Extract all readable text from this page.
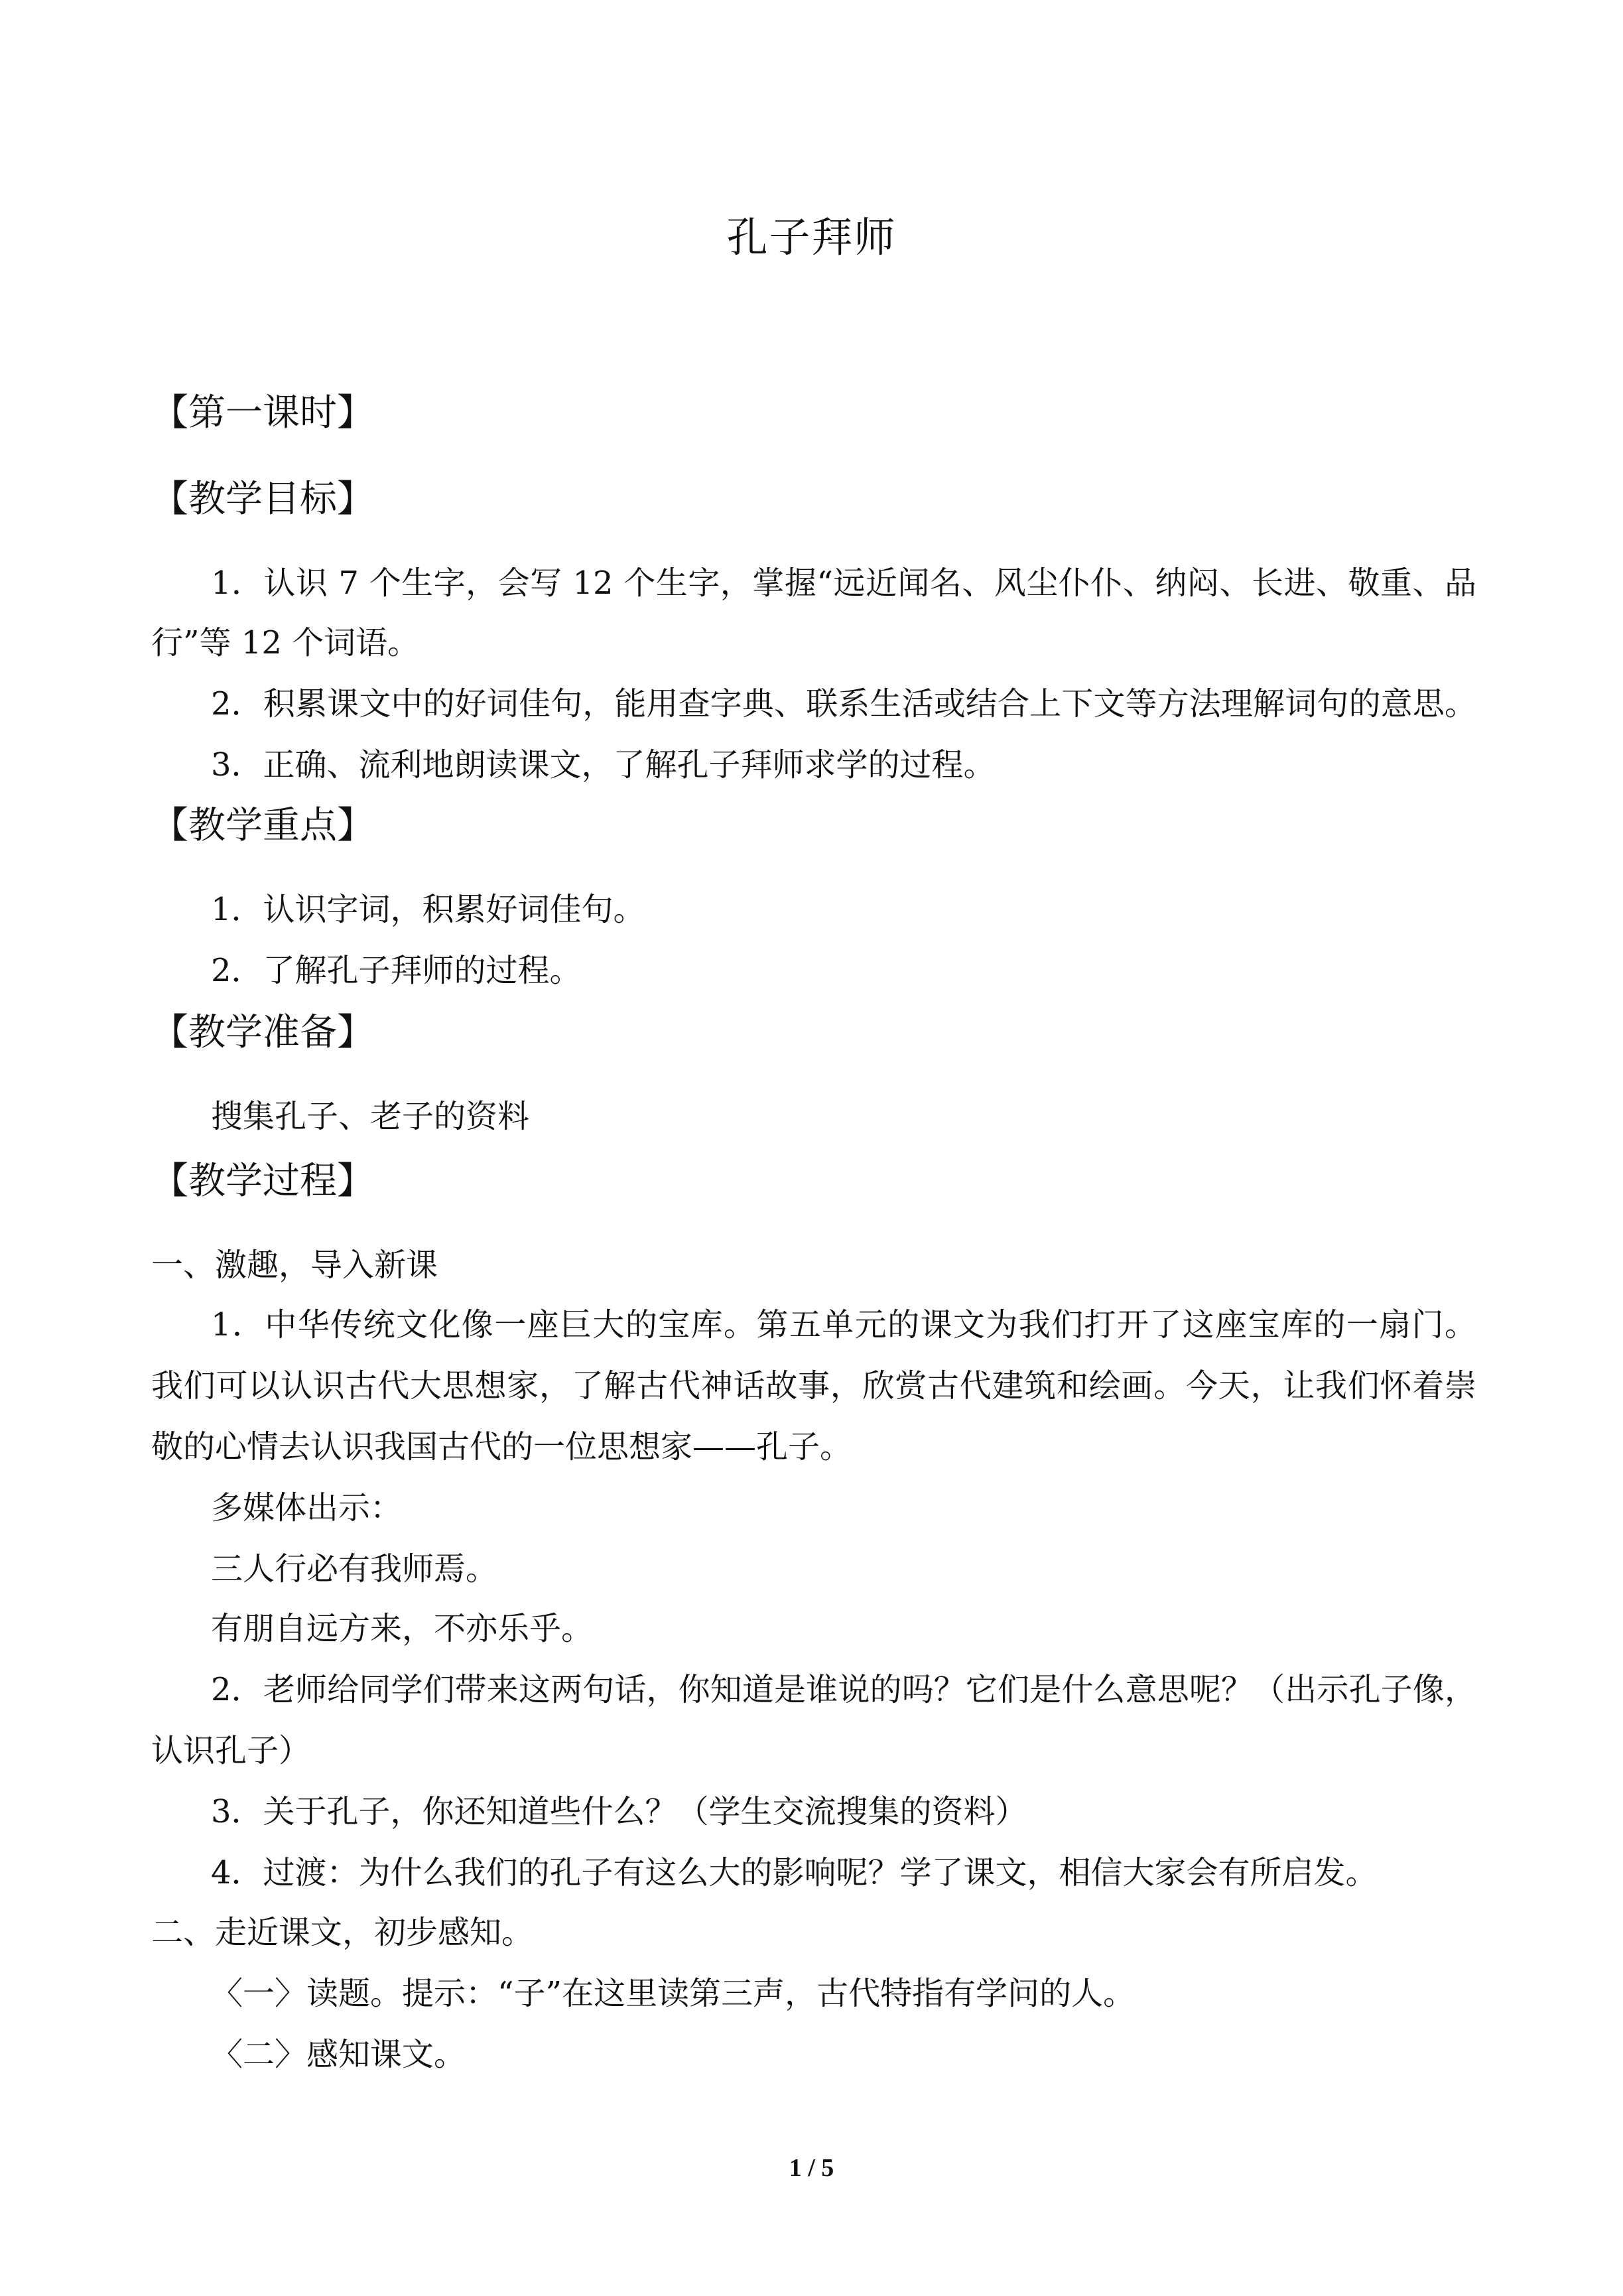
孔子拜师
【第一课时】
【教学目标】
1．认识 7 个生字，会写 12 个生字，掌握“远近闻名、风尘仆仆、纳闷、长进、敬重、品
行”等 12 个词语。
2．积累课文中的好词佳句，能用查字典、联系生活或结合上下文等方法理解词句的意思。
3．正确、流利地朗读课文，了解孔子拜师求学的过程。
【教学重点】
1．认识字词，积累好词佳句。
2．了解孔子拜师的过程。
【教学准备】
搜集孔子、老子的资料
【教学过程】
一、激趣，导入新课
1．中华传统文化像一座巨大的宝库。第五单元的课文为我们打开了这座宝库的一扇门。
我们可以认识古代大思想家，了解古代神话故事，欣赏古代建筑和绘画。今天，让我们怀着崇
敬的心情去认识我国古代的一位思想家——孔子。
多媒体出示：
三人行必有我师焉。
有朋自远方来，不亦乐乎。
2．老师给同学们带来这两句话，你知道是谁说的吗？它们是什么意思呢？（出示孔子像，
认识孔子）
3．关于孔子，你还知道些什么？（学生交流搜集的资料）
4．过渡：为什么我们的孔子有这么大的影响呢？学了课文，相信大家会有所启发。
二、走近课文，初步感知。
〈一〉读题。提示：“子”在这里读第三声，古代特指有学问的人。
〈二〉感知课文。
1 / 5
